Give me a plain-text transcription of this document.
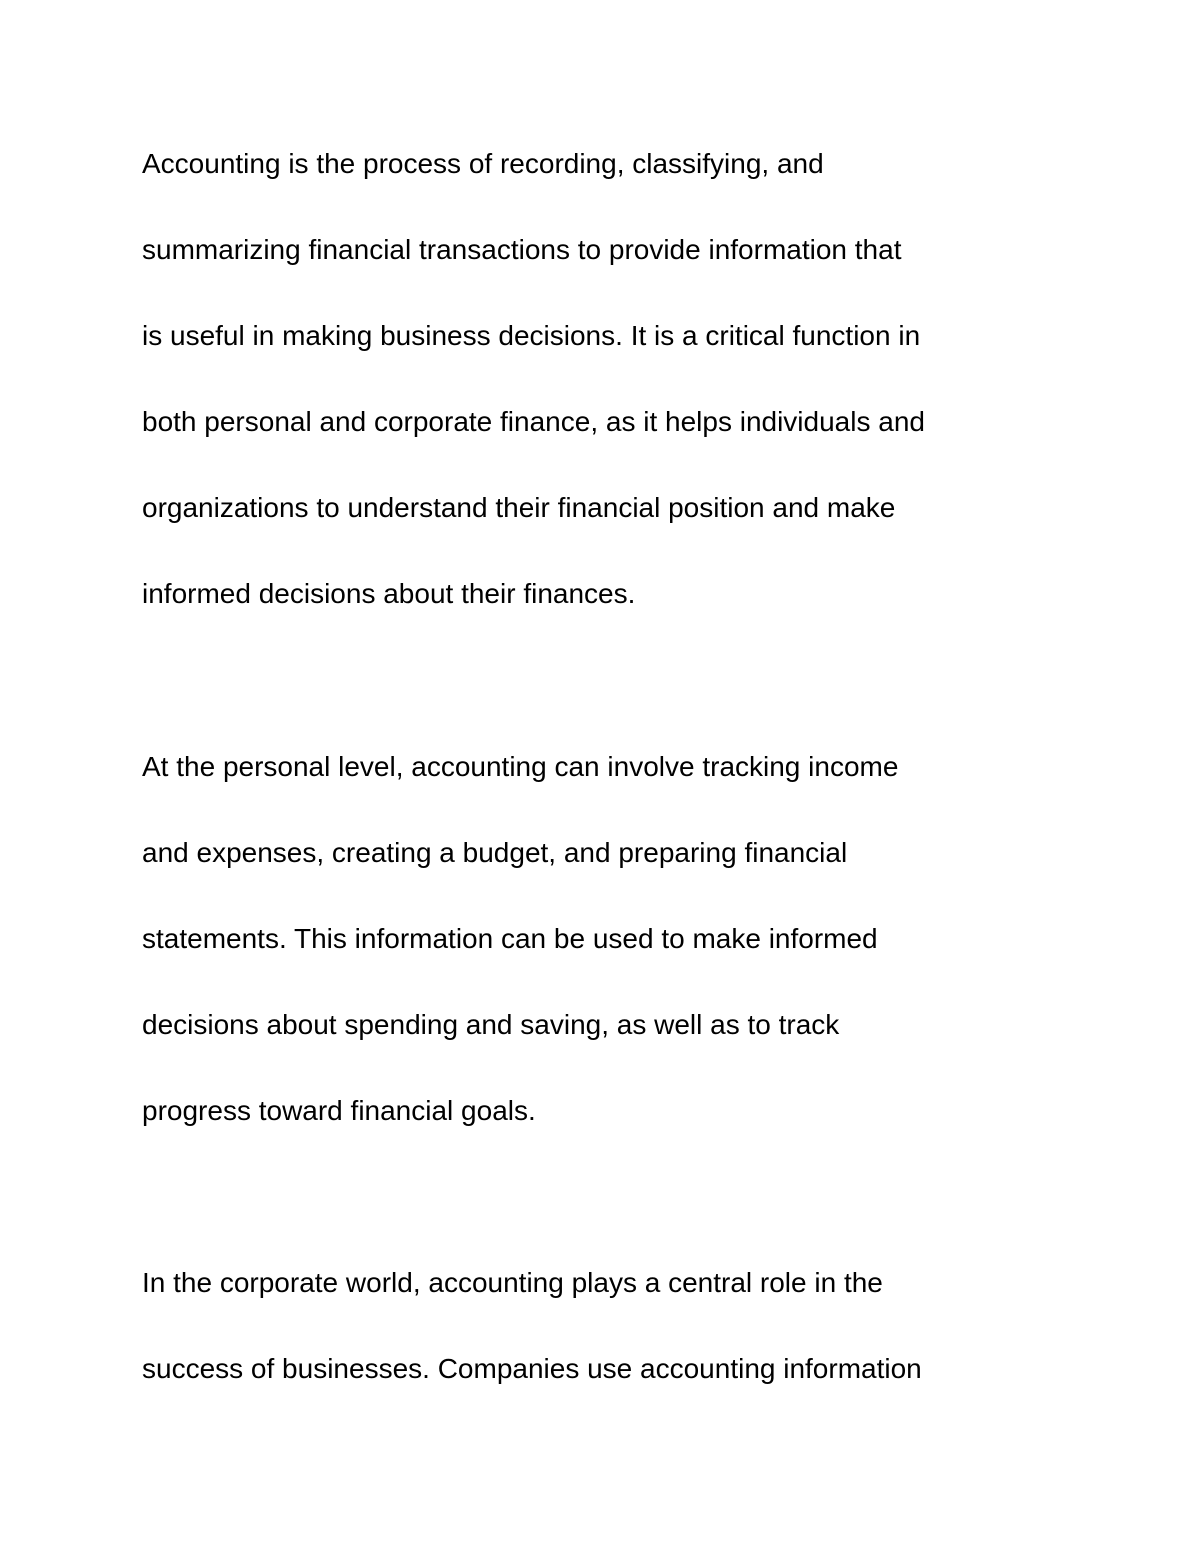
Accounting is the process of recording, classifying, and

summarizing financial transactions to provide information that

is useful in making business decisions. It is a critical function in

both personal and corporate finance, as it helps individuals and

organizations to understand their financial position and make

informed decisions about their finances.

At the personal level, accounting can involve tracking income

and expenses, creating a budget, and preparing financial

statements. This information can be used to make informed

decisions about spending and saving, as well as to track

progress toward financial goals.

In the corporate world, accounting plays a central role in the

success of businesses. Companies use accounting information
